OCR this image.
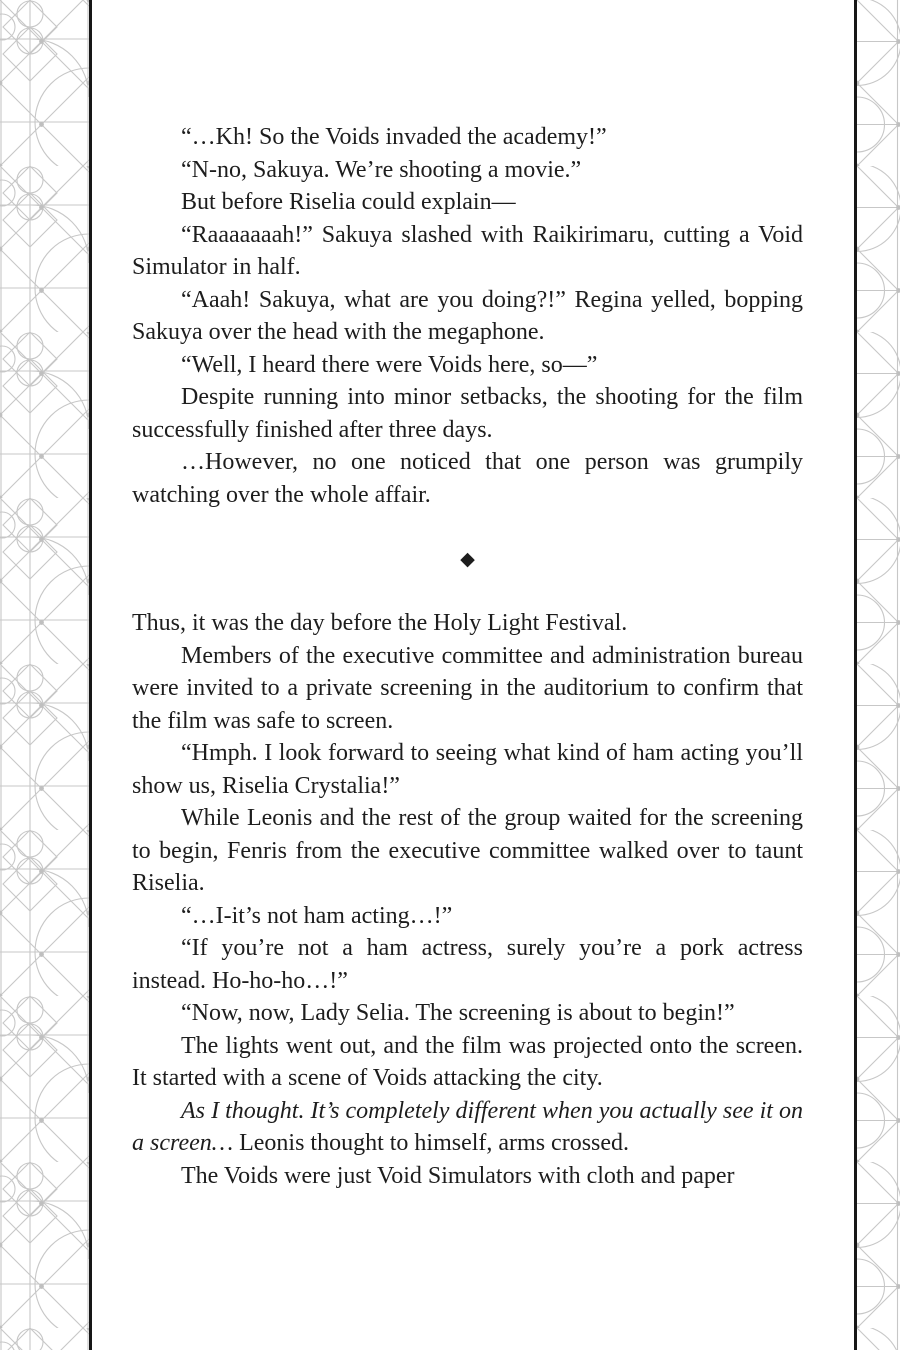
“…Kh! So the Voids invaded the academy!”

“N-no, Sakuya. We’re shooting a movie.”

But before Riselia could explain—

“Raaaaaaah!” Sakuya slashed with Raikirimaru, cutting a Void Simulator in half.

“Aaah! Sakuya, what are you doing?!” Regina yelled, bopping Sakuya over the head with the megaphone.

“Well, I heard there were Voids here, so—”

Despite running into minor setbacks, the shooting for the film successfully finished after three days.

…However, no one noticed that one person was grumpily watching over the whole affair.

◆

Thus, it was the day before the Holy Light Festival.

Members of the executive committee and administration bureau were invited to a private screening in the auditorium to confirm that the film was safe to screen.

“Hmph. I look forward to seeing what kind of ham acting you’ll show us, Riselia Crystalia!”

While Leonis and the rest of the group waited for the screening to begin, Fenris from the executive committee walked over to taunt Riselia.

“…I-it’s not ham acting…!”

“If you’re not a ham actress, surely you’re a pork actress instead. Ho-ho-ho…!”

“Now, now, Lady Selia. The screening is about to begin!”

The lights went out, and the film was projected onto the screen. It started with a scene of Voids attacking the city.

As I thought. It’s completely different when you actually see it on a screen… Leonis thought to himself, arms crossed.

The Voids were just Void Simulators with cloth and paper
